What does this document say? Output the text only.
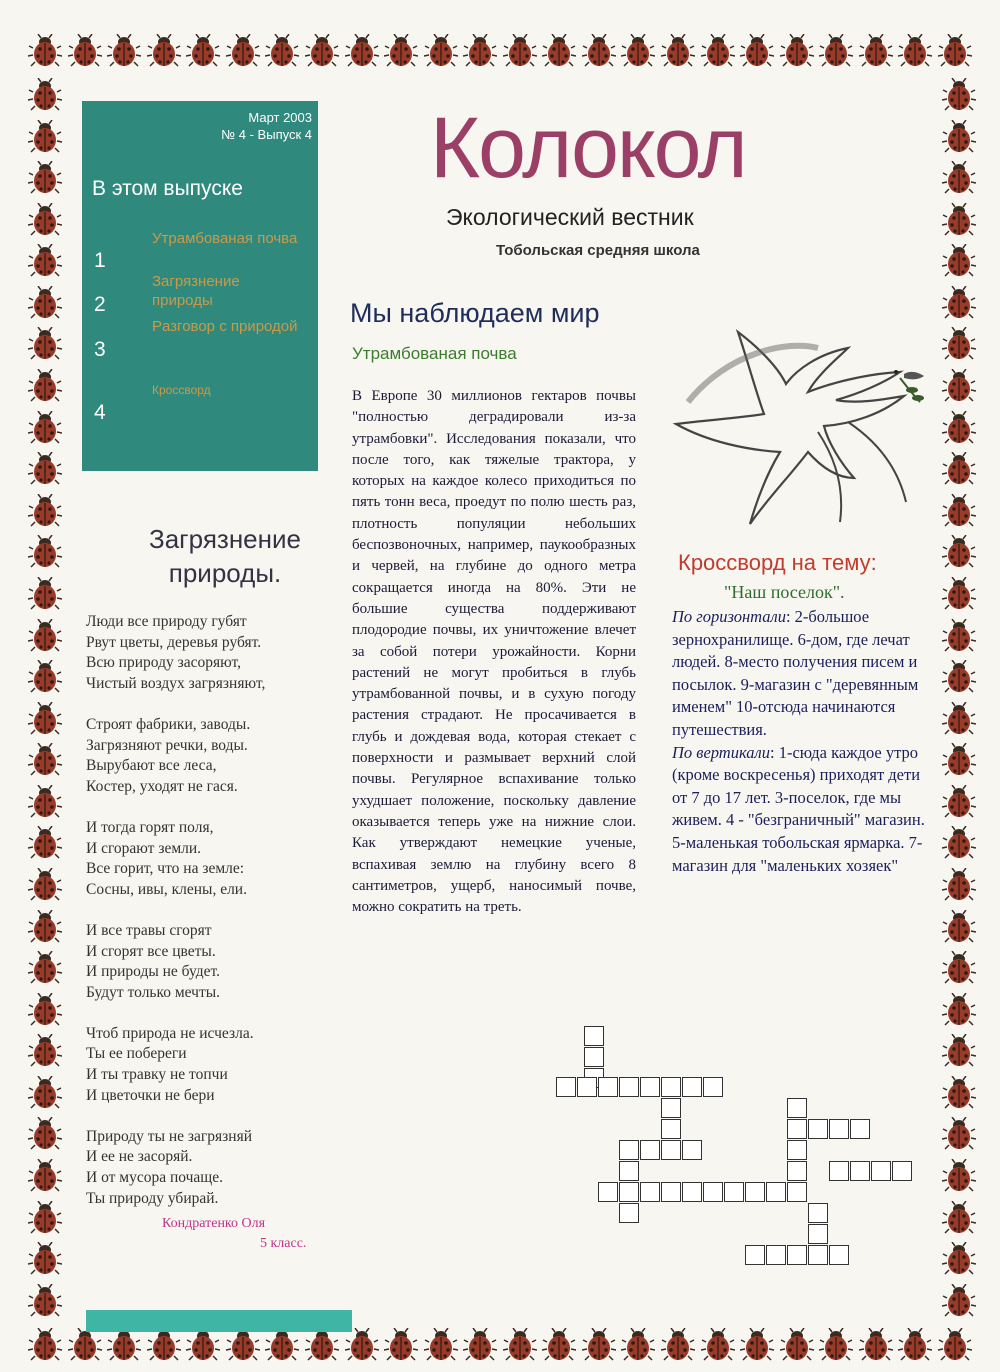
Март 2003
№ 4 - Выпуск 4
В этом выпуске
1
Утрамбованая почва
2
Загрязнение природы
3
Pазговор с природой
4
Кроссворд
Колокол
Экологический вестник
Тобольская средняя школа
Мы наблюдаем мир
Утрамбованая почва
В Европе 30 миллионов гектаров почвы "полностью деградировали из-за утрамбовки". Исследования показали, что после того, как тяжелые трактора, у которых на каждое колесо приходиться по пять тонн веса, проедут по полю шесть раз, плотность популяции небольших беспозвоночных, например, паукообразных и червей, на глубине до одного метра сокращается иногда на 80%. Эти не большие существа поддерживают плодородие почвы, их уничтожение влечет за собой потери урожайности. Корни растений не могут пробиться в глубь утрамбованной почвы, и в сухую погоду растения страдают. Не просачивается в глубь и дождевая вода, которая стекает с поверхности и размывает верхний слой почвы. Регулярное вспахивание только ухудшает положение, поскольку давление оказывается теперь уже на нижние слои. Как утверждают немецкие ученые, вспахивая землю на глубину всего 8 сантиметров, ущерб, наносимый почве, можно сократить на треть.
Загрязнение
природы.
Люди все природу губят
Рвут цветы, деревья рубят.
Всю природу засоряют,
Чистый воздух загрязняют,
Строят фабрики, заводы.
Загрязняют речки, воды.
Вырубают все леса,
Костер, уходят не гася.
И тогда горят поля,
И сгорают земли.
Все горит, что на земле:
Сосны, ивы, клены, ели.
И все травы сгорят
И сгорят все цветы.
И природы не будет.
Будут только мечты.
Чтоб природа не исчезла.
Ты ее побереги
И ты травку не топчи
И цветочки не бери
Природу ты не загрязняй
И ее не засоряй.
И от мусора почаще.
Ты природу убирай.
Кондратенко Оля
5 класс.
Кроссворд на тему:
"Наш поселок".
По горизонтали: 2-большое зернохранилище. 6-дом, где лечат людей. 8-место получения писем и посылок. 9-магазин с "деревянным именем" 10-отсюда начинаются путешествия.
По вертикали: 1-сюда каждое утро (кроме воскресенья) приходят дети от 7 до 17 лет. 3-поселок, где мы живем. 4 - "безграничный" магазин. 5-маленькая тобольская ярмарка. 7-магазин для "маленьких хозяек"
